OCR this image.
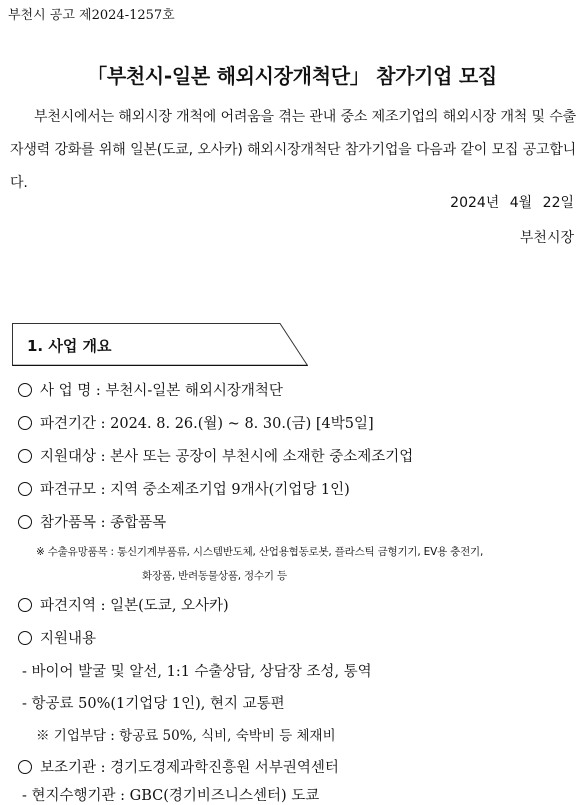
부천시 공고 제2024-1257호
「부천시-일본 해외시장개척단」 참가기업 모집
부천시에서는 해외시장 개척에 어려움을 겪는 관내 중소 제조기업의 해외시장 개척 및 수출자생력 강화를 위해 일본(도쿄, 오사카) 해외시장개척단 참가기업을 다음과 같이 모집 공고합니다.
2024년 4월 22일
부천시장
1. 사업 개요
사 업 명 : 부천시-일본 해외시장개척단
파견기간 : 2024. 8. 26.(월) ~ 8. 30.(금) [4박5일]
지원대상 : 본사 또는 공장이 부천시에 소재한 중소제조기업
파견규모 : 지역 중소제조기업 9개사(기업당 1인)
참가품목 : 종합품목
※ 수출유망품목 : 통신기계부품류, 시스템반도체, 산업용협동로봇, 플라스틱 금형기기, EV용 충전기,
화장품, 반려동물상품, 정수기 등
파견지역 : 일본(도쿄, 오사카)
지원내용
- 바이어 발굴 및 알선, 1:1 수출상담, 상담장 조성, 통역
- 항공료 50%(1기업당 1인), 현지 교통편
※ 기업부담 : 항공료 50%, 식비, 숙박비 등 체재비
보조기관 : 경기도경제과학진흥원 서부권역센터
- 현지수행기관 : GBC(경기비즈니스센터) 도쿄
